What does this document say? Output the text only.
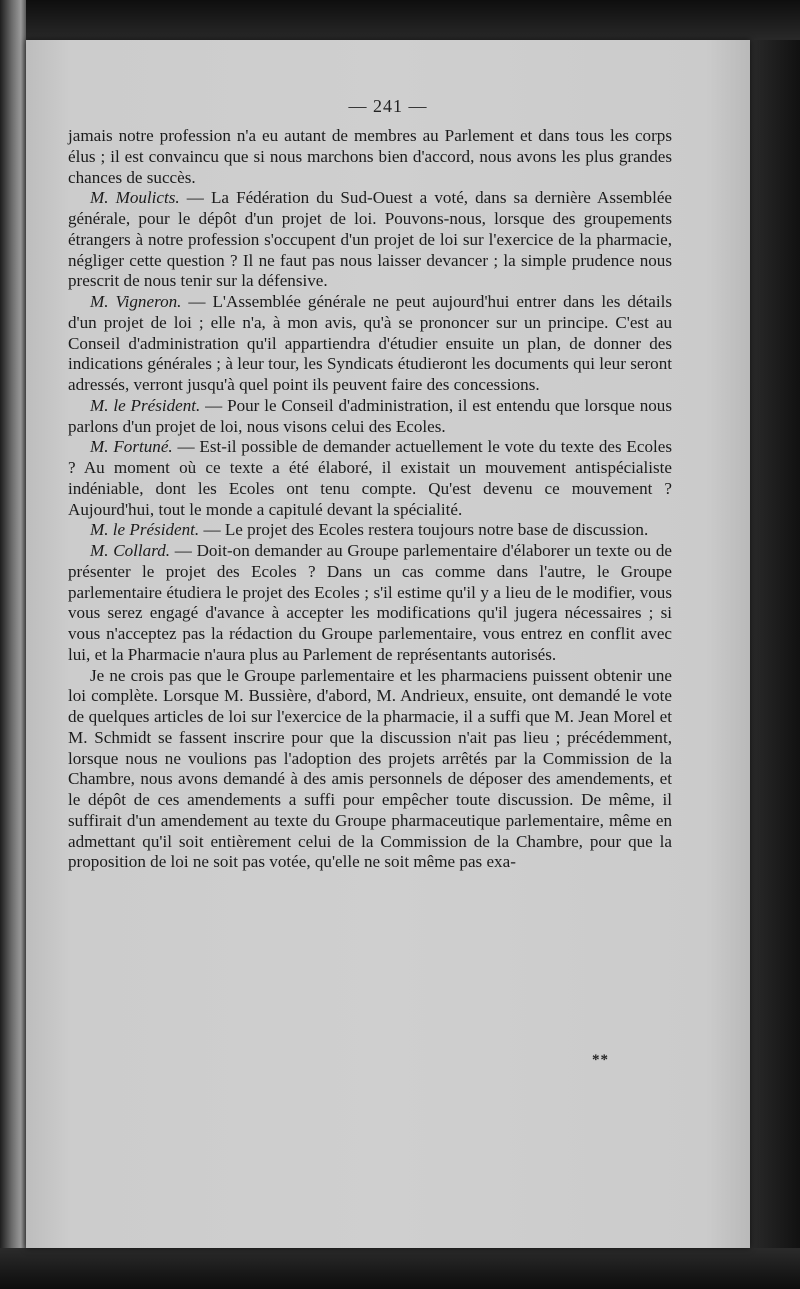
— 241 —

jamais notre profession n'a eu autant de membres au Parlement et dans tous les corps élus ; il est convaincu que si nous marchons bien d'accord, nous avons les plus grandes chances de succès.

M. Moulicts. — La Fédération du Sud-Ouest a voté, dans sa dernière Assemblée générale, pour le dépôt d'un projet de loi. Pouvons-nous, lorsque des groupements étrangers à notre profession s'occupent d'un projet de loi sur l'exercice de la pharmacie, négliger cette question ? Il ne faut pas nous laisser devancer ; la simple prudence nous prescrit de nous tenir sur la défensive.

M. Vigneron. — L'Assemblée générale ne peut aujourd'hui entrer dans les détails d'un projet de loi ; elle n'a, à mon avis, qu'à se prononcer sur un principe. C'est au Conseil d'administration qu'il appartiendra d'étudier ensuite un plan, de donner des indications générales ; à leur tour, les Syndicats étudieront les documents qui leur seront adressés, verront jusqu'à quel point ils peuvent faire des concessions.

M. le Président. — Pour le Conseil d'administration, il est entendu que lorsque nous parlons d'un projet de loi, nous visons celui des Ecoles.

M. Fortuné. — Est-il possible de demander actuellement le vote du texte des Ecoles ? Au moment où ce texte a été élaboré, il existait un mouvement antispécialiste indéniable, dont les Ecoles ont tenu compte. Qu'est devenu ce mouvement ? Aujourd'hui, tout le monde a capitulé devant la spécialité.

M. le Président. — Le projet des Ecoles restera toujours notre base de discussion.

M. Collard. — Doit-on demander au Groupe parlementaire d'élaborer un texte ou de présenter le projet des Ecoles ? Dans un cas comme dans l'autre, le Groupe parlementaire étudiera le projet des Ecoles ; s'il estime qu'il y a lieu de le modifier, vous vous serez engagé d'avance à accepter les modifications qu'il jugera nécessaires ; si vous n'acceptez pas la rédaction du Groupe parlementaire, vous entrez en conflit avec lui, et la Pharmacie n'aura plus au Parlement de représentants autorisés.

Je ne crois pas que le Groupe parlementaire et les pharmaciens puissent obtenir une loi complète. Lorsque M. Bussière, d'abord, M. Andrieux, ensuite, ont demandé le vote de quelques articles de loi sur l'exercice de la pharmacie, il a suffi que M. Jean Morel et M. Schmidt se fassent inscrire pour que la discussion n'ait pas lieu ; précédemment, lorsque nous ne voulions pas l'adoption des projets arrêtés par la Commission de la Chambre, nous avons demandé à des amis personnels de déposer des amendements, et le dépôt de ces amendements a suffi pour empêcher toute discussion. De même, il suffirait d'un amendement au texte du Groupe pharmaceutique parlementaire, même en admettant qu'il soit entièrement celui de la Commission de la Chambre, pour que la proposition de loi ne soit pas votée, qu'elle ne soit même pas exa-

**
